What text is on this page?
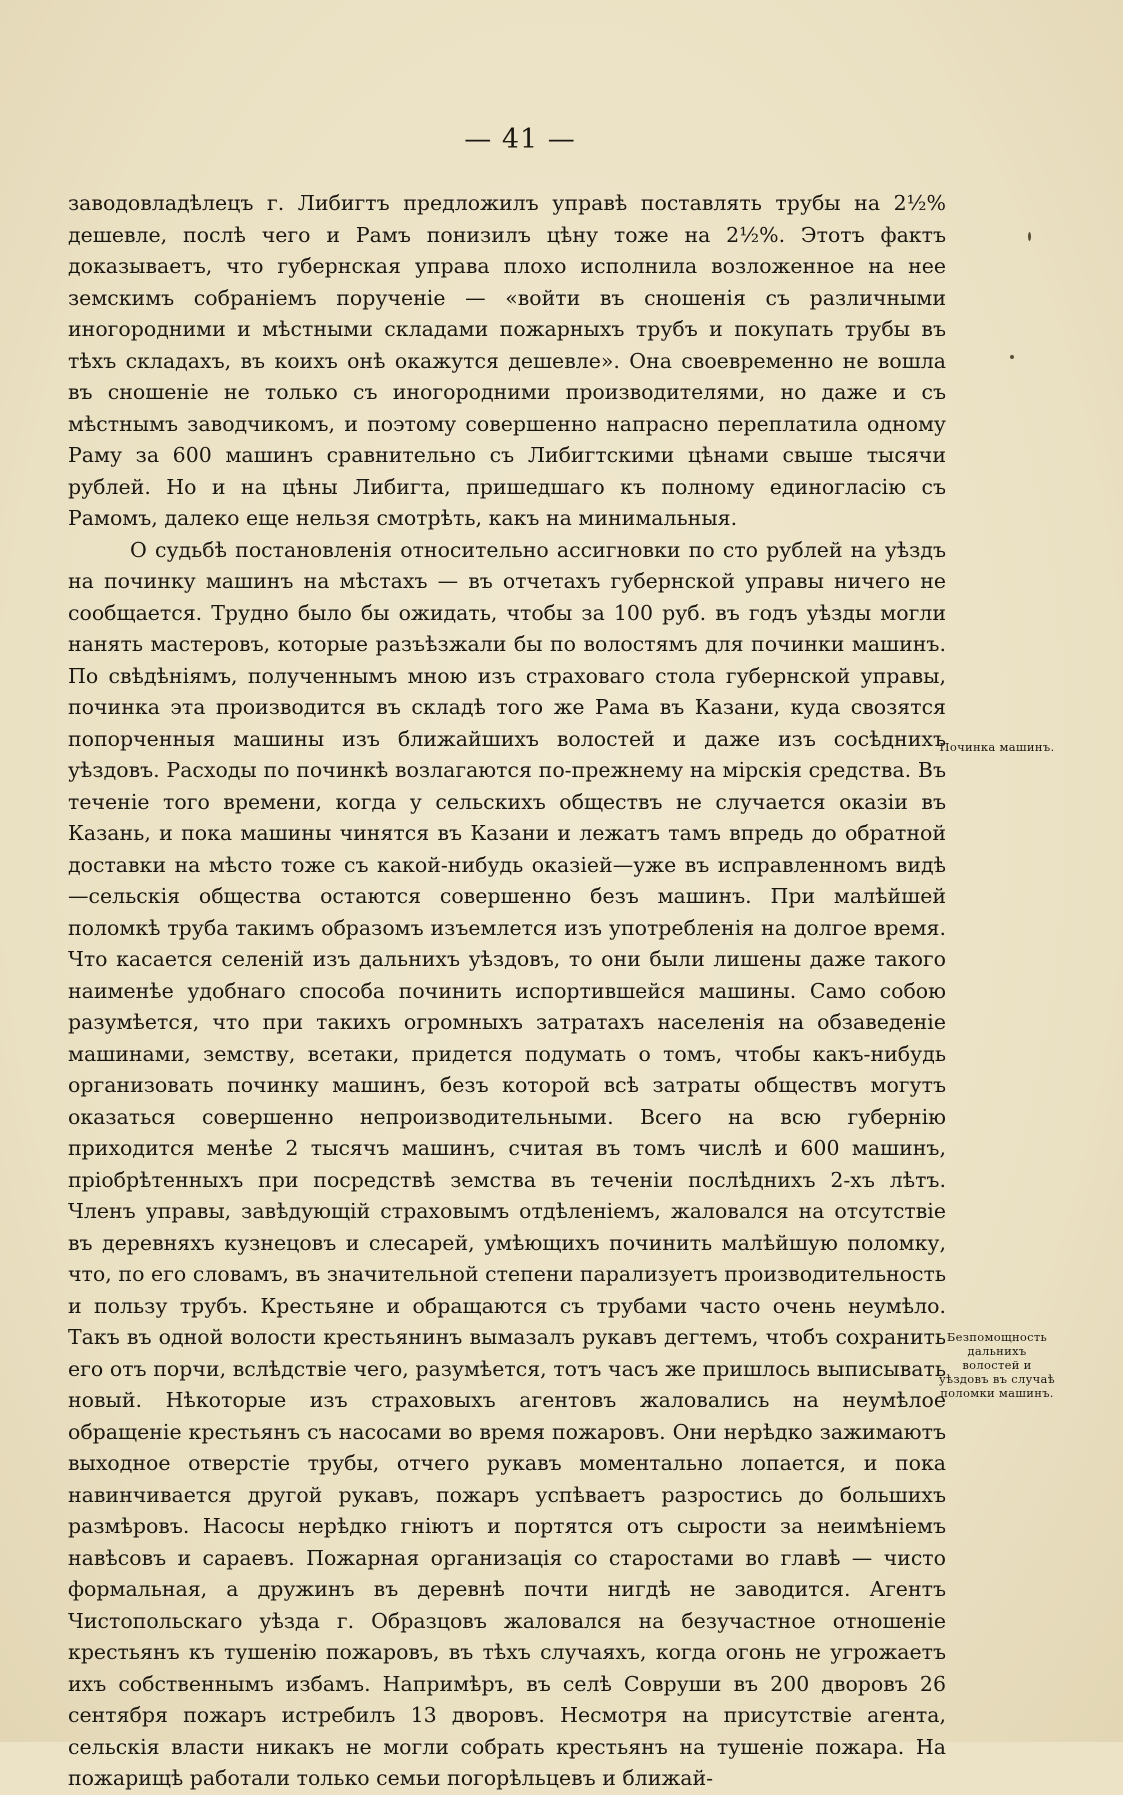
— 41 —

заводовладѣлецъ г. Либигтъ предложилъ управѣ поставлять трубы на 2½% дешевле, послѣ чего и Рамъ понизилъ цѣну тоже на 2½%. Этотъ фактъ доказываетъ, что губернская управа плохо исполнила возложенное на нее земскимъ собраніемъ порученіе — «войти въ сношенія съ различными иногородними и мѣстными складами пожарныхъ трубъ и покупать трубы въ тѣхъ складахъ, въ коихъ онѣ окажутся дешевле». Она своевременно не вошла въ сношеніе не только съ иногородними производителями, но даже и съ мѣстнымъ заводчикомъ, и поэтому совершенно напрасно переплатила одному Раму за 600 машинъ сравнительно съ Либигтскими цѣнами свыше тысячи рублей. Но и на цѣны Либигта, пришедшаго къ полному единогласію съ Рамомъ, далеко еще нельзя смотрѣть, какъ на минимальныя.

О судьбѣ постановленія относительно ассигновки по сто рублей на уѣздъ на починку машинъ на мѣстахъ — въ отчетахъ губернской управы ничего не сообщается. Трудно было бы ожидать, чтобы за 100 руб. въ годъ уѣзды могли нанять мастеровъ, которые разъѣзжали бы по волостямъ для починки машинъ. По свѣдѣніямъ, полученнымъ мною изъ страховаго стола губернской управы, починка эта производится въ складѣ того же Рама въ Казани, куда свозятся попорченныя машины изъ ближайшихъ волостей и даже изъ сосѣднихъ уѣздовъ. Расходы по починкѣ возлагаются по-прежнему на мірскія средства. Въ теченіе того времени, когда у сельскихъ обществъ не случается оказіи въ Казань, и пока машины чинятся въ Казани и лежатъ тамъ впредь до обратной доставки на мѣсто тоже съ какой-нибудь оказіей—уже въ исправленномъ видѣ—сельскія общества остаются совершенно безъ машинъ. При малѣйшей поломкѣ труба такимъ образомъ изъемлется изъ употребленія на долгое время. Что касается селеній изъ дальнихъ уѣздовъ, то они были лишены даже такого наименѣе удобнаго способа починить испортившейся машины. Само собою разумѣется, что при такихъ огромныхъ затратахъ населенія на обзаведеніе машинами, земству, всетаки, придется подумать о томъ, чтобы какъ-нибудь организовать починку машинъ, безъ которой всѣ затраты обществъ могутъ оказаться совершенно непроизводительными. Всего на всю губернію приходится менѣе 2 тысячъ машинъ, считая въ томъ числѣ и 600 машинъ, пріобрѣтенныхъ при посредствѣ земства въ теченіи послѣднихъ 2-хъ лѣтъ. Членъ управы, завѣдующій страховымъ отдѣленіемъ, жаловался на отсутствіе въ деревняхъ кузнецовъ и слесарей, умѣющихъ починить малѣйшую поломку, что, по его словамъ, въ значительной степени парализуетъ производительность и пользу трубъ. Крестьяне и обращаются съ трубами часто очень неумѣло. Такъ въ одной волости крестьянинъ вымазалъ рукавъ дегтемъ, чтобъ сохранить его отъ порчи, вслѣдствіе чего, разумѣется, тотъ часъ же пришлось выписывать новый. Нѣкоторые изъ страховыхъ агентовъ жаловались на неумѣлое обращеніе крестьянъ съ насосами во время пожаровъ. Они нерѣдко зажимаютъ выходное отверстіе трубы, отчего рукавъ моментально лопается, и пока навинчивается другой рукавъ, пожаръ успѣваетъ разростись до большихъ размѣровъ. Насосы нерѣдко гніютъ и портятся отъ сырости за неимѣніемъ навѣсовъ и сараевъ. Пожарная организація со старостами во главѣ — чисто формальная, а дружинъ въ деревнѣ почти нигдѣ не заводится. Агентъ Чистопольскаго уѣзда г. Образцовъ жаловался на безучастное отношеніе крестьянъ къ тушенію пожаровъ, въ тѣхъ случаяхъ, когда огонь не угрожаетъ ихъ собственнымъ избамъ. Напримѣръ, въ селѣ Совруши въ 200 дворовъ 26 сентября пожаръ истребилъ 13 дворовъ. Несмотря на присутствіе агента, сельскія власти никакъ не могли собрать крестьянъ на тушеніе пожара. На пожарищѣ работали только семьи погорѣльцевъ и ближай-

Починка машинъ.
Безпомощность дальнихъ волостей и уѣздовъ въ случаѣ поломки машинъ.
